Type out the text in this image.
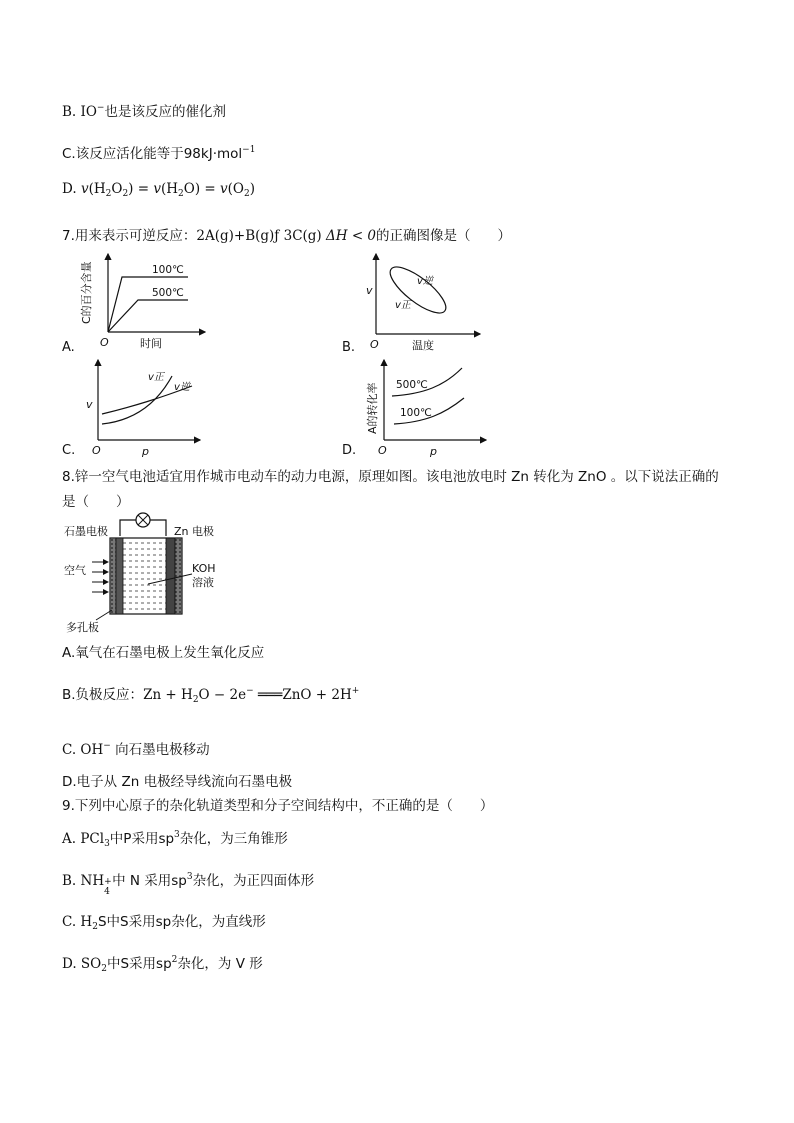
B. IO−也是该反应的催化剂
C.该反应活化能等于98kJ·mol$^{-1}$
D. $v(H_2O_2) = v(H_2O) = v(O_2)$
7.用来表示可逆反应：2A(g)+B(g)ƒ 3C(g) ΔH < 0的正确图像是（　　）
A.	B.
C.	D.
C的百分含量
时间
O
100℃
500℃	v
温度
O
v逆
v正
v
p
O
v正
v逆	A的转化率
p
O
500℃
100℃
8.锌一空气电池适宜用作城市电动车的动力电源，原理如图。该电池放电时 Zn 转化为 ZnO 。以下说法正确的
是（　　）
石墨电极	Zn 电极
空气	KOH
溶液
多孔板
A.氧气在石墨电极上发生氧化反应
B.负极反应：$Zn + H_2O - 2e^-$ ═══ZnO + 2H+
C. OH− 向石墨电极移动
D.电子从 Zn 电极经导线流向石墨电极
9.下列中心原子的杂化轨道类型和分子空间结构中，不正确的是（　　）
A. PCl$_3$中P采用$sp^3$杂化，为三角锥形
B. NH +
4
中 N 采用$sp^3$杂化，为正四面体形
C. $H_2S$中S采用sp杂化，为直线形
D. $SO_2$中S采用$sp^2$杂化，为 V 形
